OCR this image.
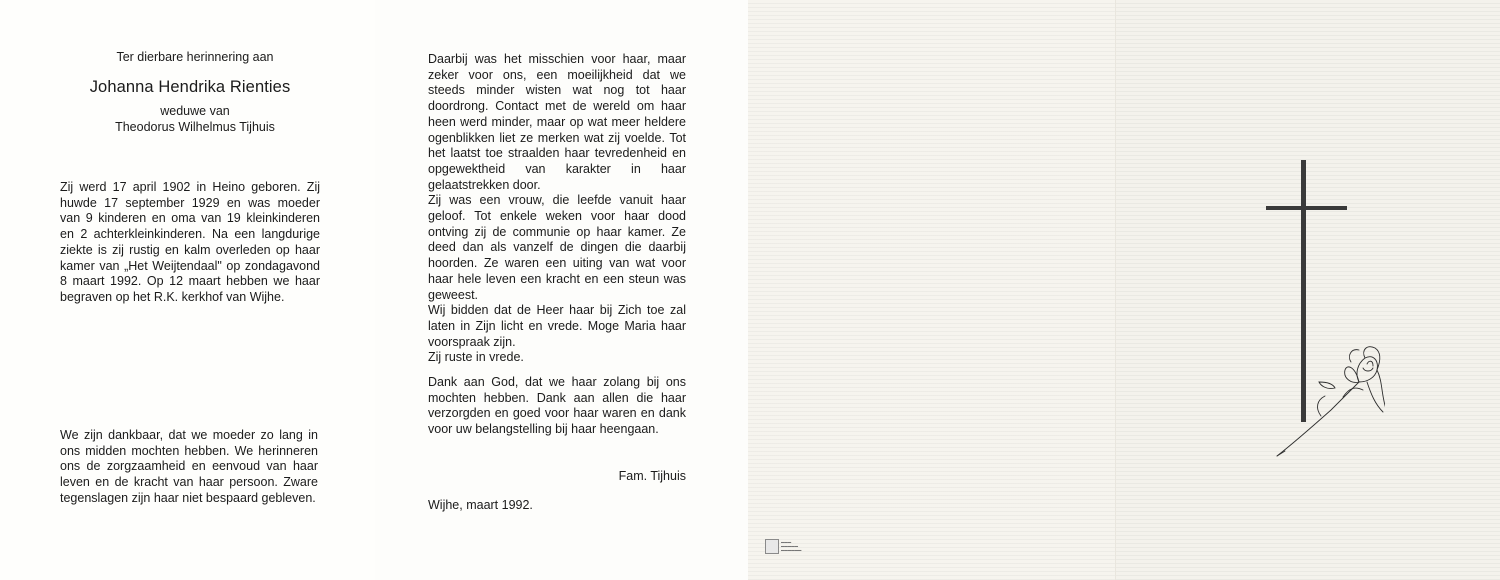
Ter dierbare herinnering aan
Johanna Hendrika Rienties
weduwe van
Theodorus Wilhelmus Tijhuis

Zij werd 17 april 1902 in Heino geboren. Zij huwde 17 september 1929 en was moeder van 9 kinderen en oma van 19 kleinkinderen en 2 achterkleinkinderen. Na een langdurige ziekte is zij rustig en kalm overleden op haar kamer van „Het Weijtendaal" op zondagavond 8 maart 1992. Op 12 maart hebben we haar begraven op het R.K. kerkhof van Wijhe.

We zijn dankbaar, dat we moeder zo lang in ons midden mochten hebben. We herinneren ons de zorgzaamheid en eenvoud van haar leven en de kracht van haar persoon. Zware tegenslagen zijn haar niet bespaard gebleven.

Daarbij was het misschien voor haar, maar zeker voor ons, een moeilijkheid dat we steeds minder wisten wat nog tot haar doordrong. Contact met de wereld om haar heen werd minder, maar op wat meer heldere ogenblikken liet ze merken wat zij voelde. Tot het laatst toe straalden haar tevredenheid en opgewektheid van karakter in haar gelaatstrekken door.
Zij was een vrouw, die leefde vanuit haar geloof. Tot enkele weken voor haar dood ontving zij de communie op haar kamer. Ze deed dan als vanzelf de dingen die daarbij hoorden. Ze waren een uiting van wat voor haar hele leven een kracht en een steun was geweest.
Wij bidden dat de Heer haar bij Zich toe zal laten in Zijn licht en vrede. Moge Maria haar voorspraak zijn.
Zij ruste in vrede.

Dank aan God, dat we haar zolang bij ons mochten hebben. Dank aan allen die haar verzorgden en goed voor haar waren en dank voor uw belangstelling bij haar heengaan.

Fam. Tijhuis
Wijhe, maart 1992.
▬▬▬
▬▬▬▬▬
▬▬▬▬▬▬
